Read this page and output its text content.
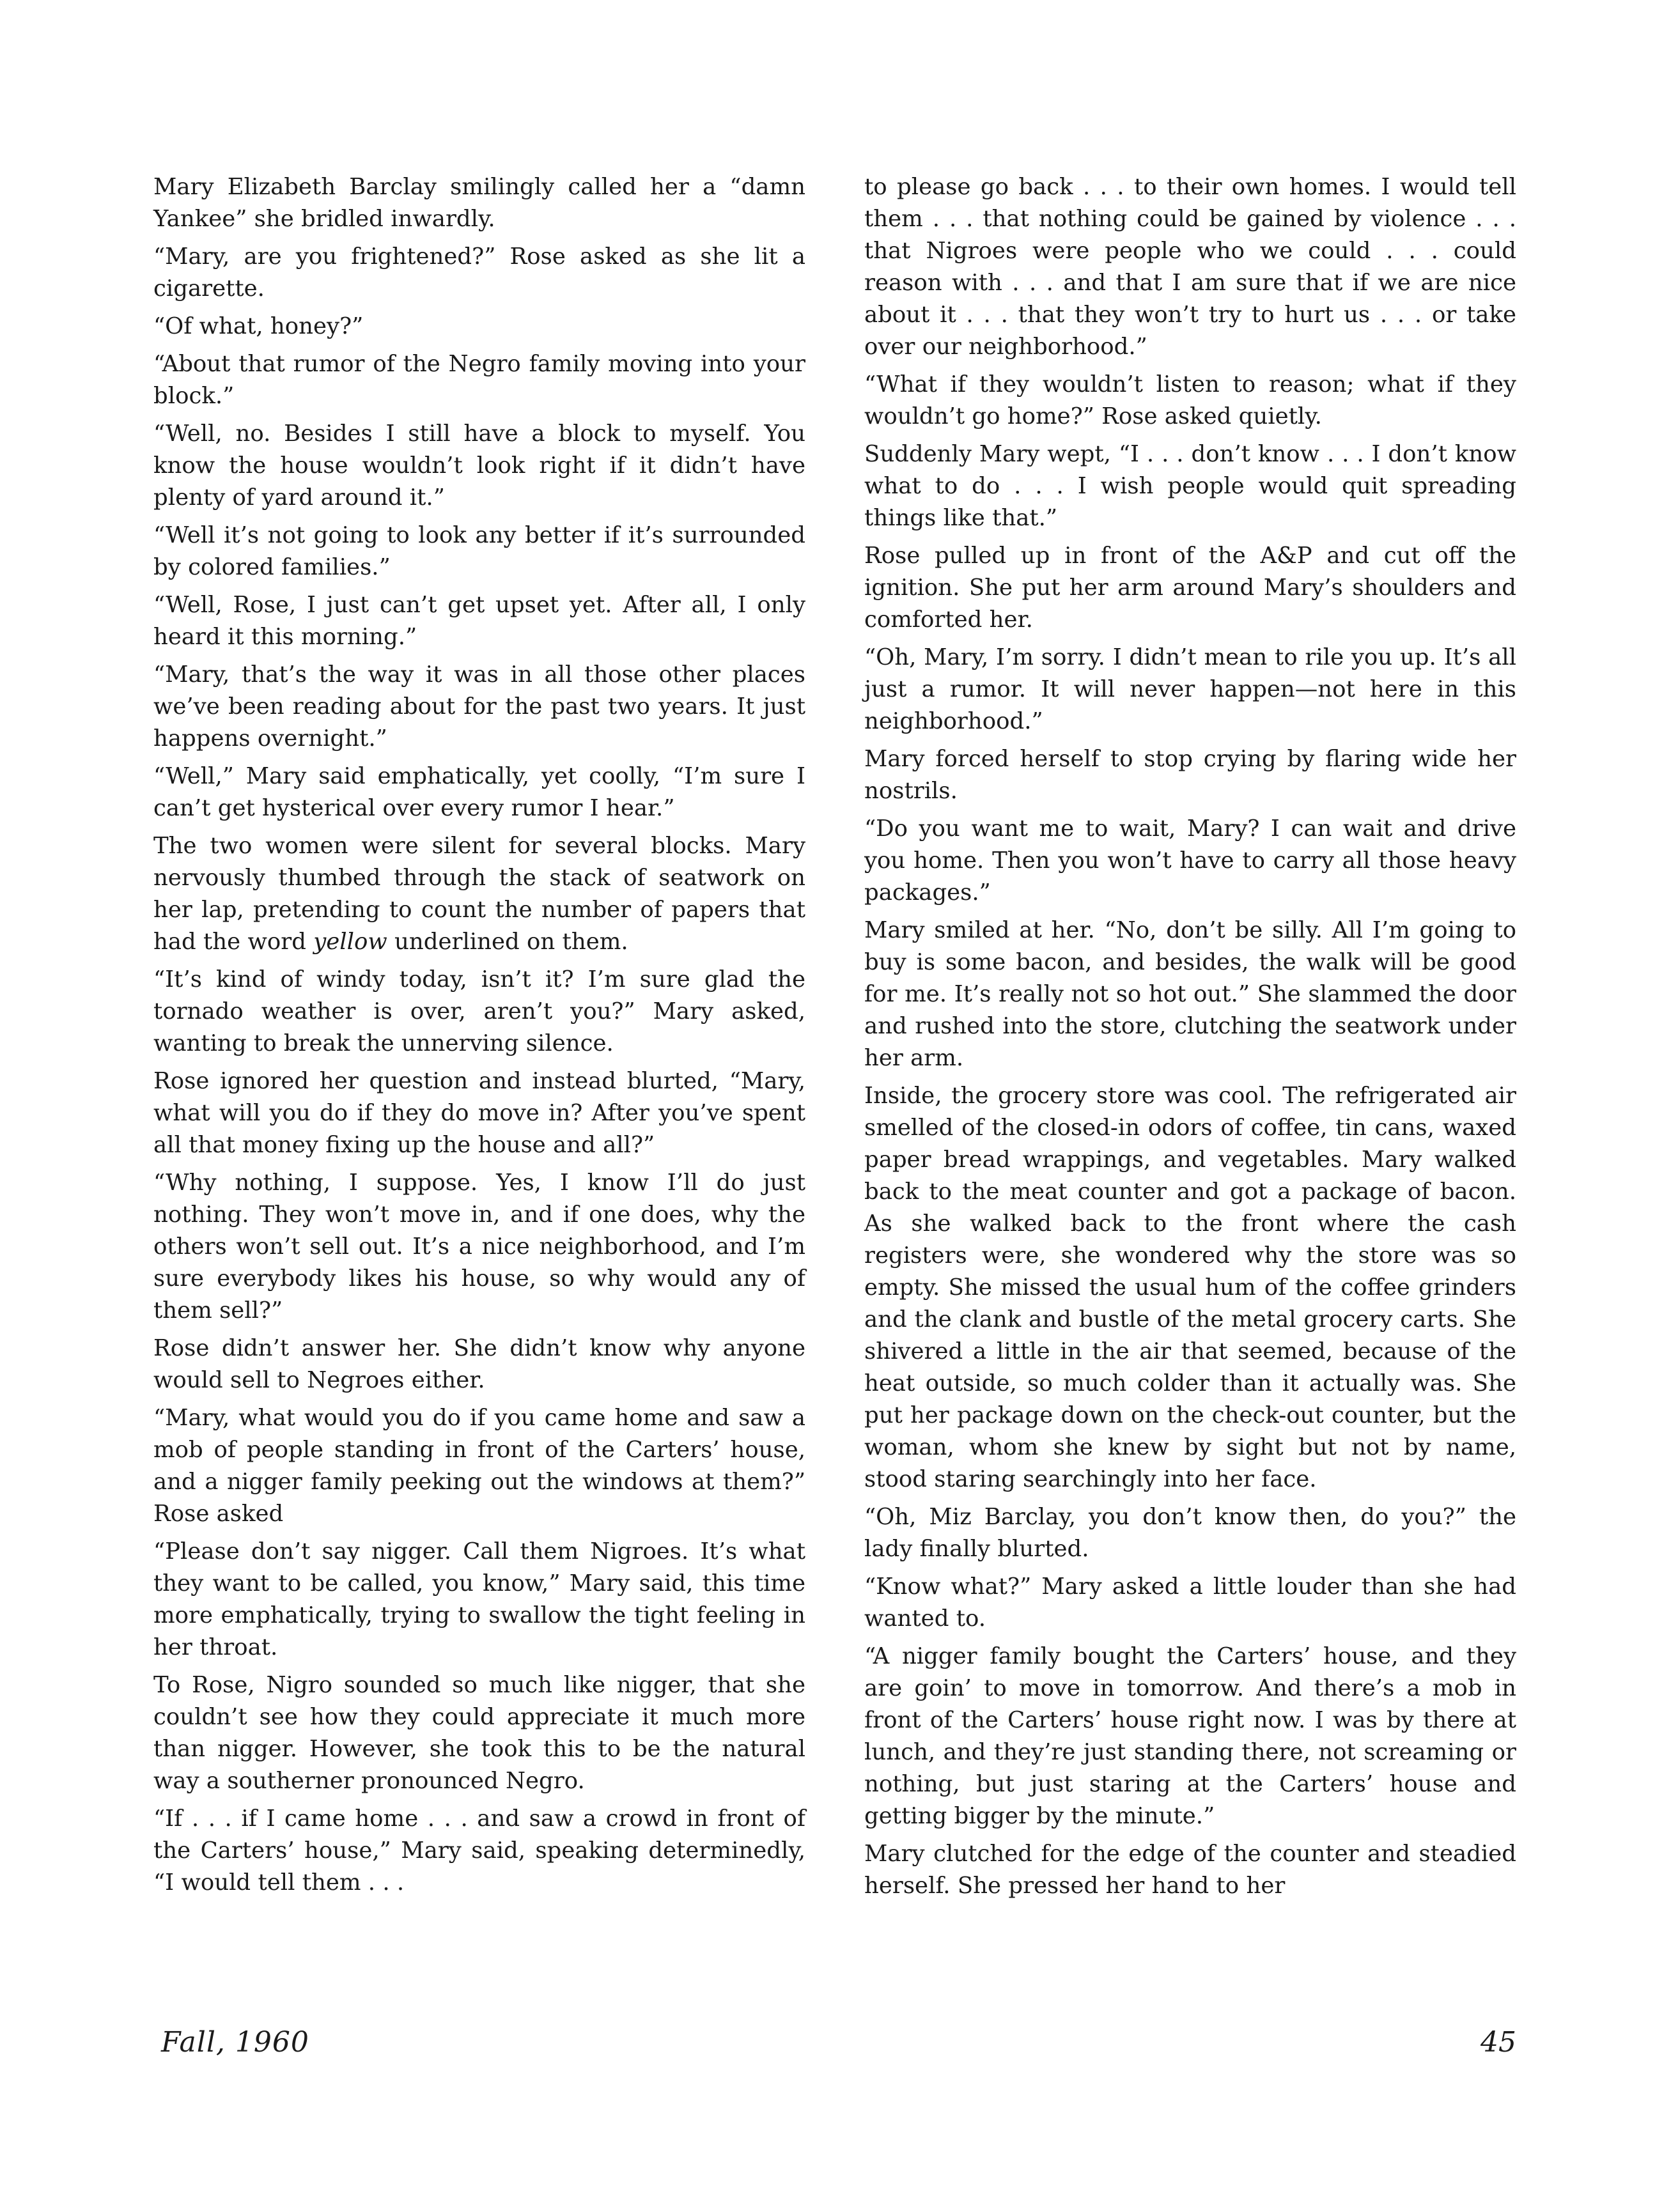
Mary Elizabeth Barclay smilingly called her a “damn Yankee” she bridled inwardly.

“Mary, are you frightened?” Rose asked as she lit a cigarette.

“Of what, honey?”

“About that rumor of the Negro family moving into your block.”

“Well, no. Besides I still have a block to myself. You know the house wouldn’t look right if it didn’t have plenty of yard around it.”

“Well it’s not going to look any better if it’s surrounded by colored families.”

“Well, Rose, I just can’t get upset yet. After all, I only heard it this morning.”

“Mary, that’s the way it was in all those other places we’ve been reading about for the past two years. It just happens overnight.”

“Well,” Mary said emphatically, yet coolly, “I’m sure I can’t get hysterical over every rumor I hear.”

The two women were silent for several blocks. Mary nervously thumbed through the stack of seatwork on her lap, pretending to count the number of papers that had the word yellow underlined on them.

“It’s kind of windy today, isn’t it? I’m sure glad the tornado weather is over, aren’t you?” Mary asked, wanting to break the unnerving silence.

Rose ignored her question and instead blurted, “Mary, what will you do if they do move in? After you’ve spent all that money fixing up the house and all?”

“Why nothing, I suppose. Yes, I know I’ll do just nothing. They won’t move in, and if one does, why the others won’t sell out. It’s a nice neighborhood, and I’m sure everybody likes his house, so why would any of them sell?”

Rose didn’t answer her. She didn’t know why anyone would sell to Negroes either.

“Mary, what would you do if you came home and saw a mob of people standing in front of the Carters’ house, and a nigger family peeking out the windows at them?” Rose asked

“Please don’t say nigger. Call them Nigroes. It’s what they want to be called, you know,” Mary said, this time more emphatically, trying to swallow the tight feeling in her throat.

To Rose, Nigro sounded so much like nigger, that she couldn’t see how they could appreciate it much more than nigger. However, she took this to be the natural way a southerner pronounced Negro.

“If . . . if I came home . . . and saw a crowd in front of the Carters’ house,” Mary said, speaking determinedly, “I would tell them . . .

to please go back . . . to their own homes. I would tell them . . . that nothing could be gained by violence . . . that Nigroes were people who we could . . . could reason with . . . and that I am sure that if we are nice about it . . . that they won’t try to hurt us . . . or take over our neighborhood.”

“What if they wouldn’t listen to reason; what if they wouldn’t go home?” Rose asked quietly.

Suddenly Mary wept, “I . . . don’t know . . . I don’t know what to do . . . I wish people would quit spreading things like that.”

Rose pulled up in front of the A&P and cut off the ignition. She put her arm around Mary’s shoulders and comforted her.

“Oh, Mary, I’m sorry. I didn’t mean to rile you up. It’s all just a rumor. It will never happen—not here in this neighborhood.”

Mary forced herself to stop crying by flaring wide her nostrils.

“Do you want me to wait, Mary? I can wait and drive you home. Then you won’t have to carry all those heavy packages.”

Mary smiled at her. “No, don’t be silly. All I’m going to buy is some bacon, and besides, the walk will be good for me. It’s really not so hot out.” She slammed the door and rushed into the store, clutching the seatwork under her arm.

Inside, the grocery store was cool. The refrigerated air smelled of the closed-in odors of coffee, tin cans, waxed paper bread wrappings, and vegetables. Mary walked back to the meat counter and got a package of bacon. As she walked back to the front where the cash registers were, she wondered why the store was so empty. She missed the usual hum of the coffee grinders and the clank and bustle of the metal grocery carts. She shivered a little in the air that seemed, because of the heat outside, so much colder than it actually was. She put her package down on the check-out counter, but the woman, whom she knew by sight but not by name, stood staring searchingly into her face.

“Oh, Miz Barclay, you don’t know then, do you?” the lady finally blurted.

“Know what?” Mary asked a little louder than she had wanted to.

“A nigger family bought the Carters’ house, and they are goin’ to move in tomorrow. And there’s a mob in front of the Carters’ house right now. I was by there at lunch, and they’re just standing there, not screaming or nothing, but just staring at the Carters’ house and getting bigger by the minute.”

Mary clutched for the edge of the counter and steadied herself. She pressed her hand to her

Fall, 1960	45
